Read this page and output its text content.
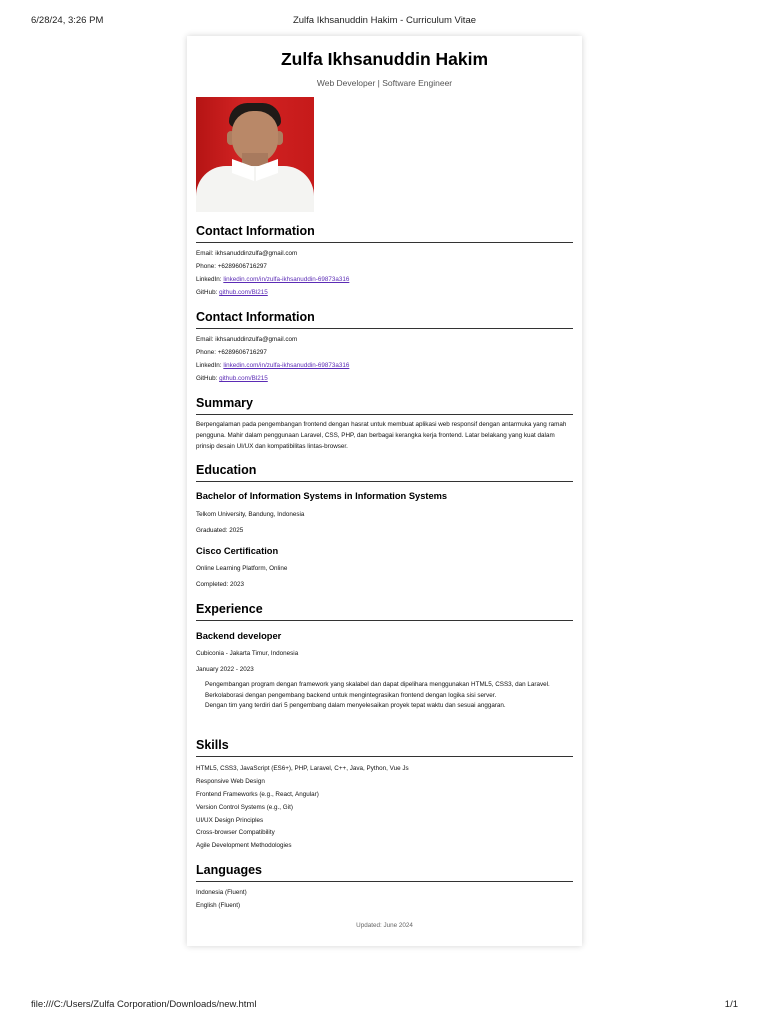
6/28/24, 3:26 PM	Zulfa Ikhsanuddin Hakim - Curriculum Vitae
Zulfa Ikhsanuddin Hakim
Web Developer | Software Engineer
Contact Information
Email: ikhsanuddinzulfa@gmail.com
Phone: +6289606716297
LinkedIn: linkedin.com/in/zulfa-ikhsanuddin-69873a316
GitHub: github.com/Bl215
Contact Information
Email: ikhsanuddinzulfa@gmail.com
Phone: +6289606716297
LinkedIn: linkedin.com/in/zulfa-ikhsanuddin-69873a316
GitHub: github.com/Bl215
Summary
Berpengalaman pada pengembangan frontend dengan hasrat untuk membuat aplikasi web responsif dengan antarmuka yang ramah pengguna. Mahir dalam penggunaan Laravel, CSS, PHP, dan berbagai kerangka kerja frontend. Latar belakang yang kuat dalam prinsip desain UI/UX dan kompatibilitas lintas-browser.
Education
Bachelor of Information Systems in Information Systems
Telkom University, Bandung, Indonesia
Graduated: 2025
Cisco Certification
Online Learning Platform, Online
Completed: 2023
Experience
Backend developer
Cubiconia - Jakarta Timur, Indonesia
January 2022 - 2023
Pengembangan program dengan framework yang skalabel dan dapat dipelihara menggunakan HTML5, CSS3, dan Laravel.
Berkolaborasi dengan pengembang backend untuk mengintegrasikan frontend dengan logika sisi server.
Dengan tim yang terdiri dari 5 pengembang dalam menyelesaikan proyek tepat waktu dan sesuai anggaran.
Skills
HTML5, CSS3, JavaScript (ES6+), PHP, Laravel, C++, Java, Python, Vue Js
Responsive Web Design
Frontend Frameworks (e.g., React, Angular)
Version Control Systems (e.g., Git)
UI/UX Design Principles
Cross-browser Compatibility
Agile Development Methodologies
Languages
Indonesia (Fluent)
English (Fluent)
Updated: June 2024
file:///C:/Users/Zulfa Corporation/Downloads/new.html	1/1
